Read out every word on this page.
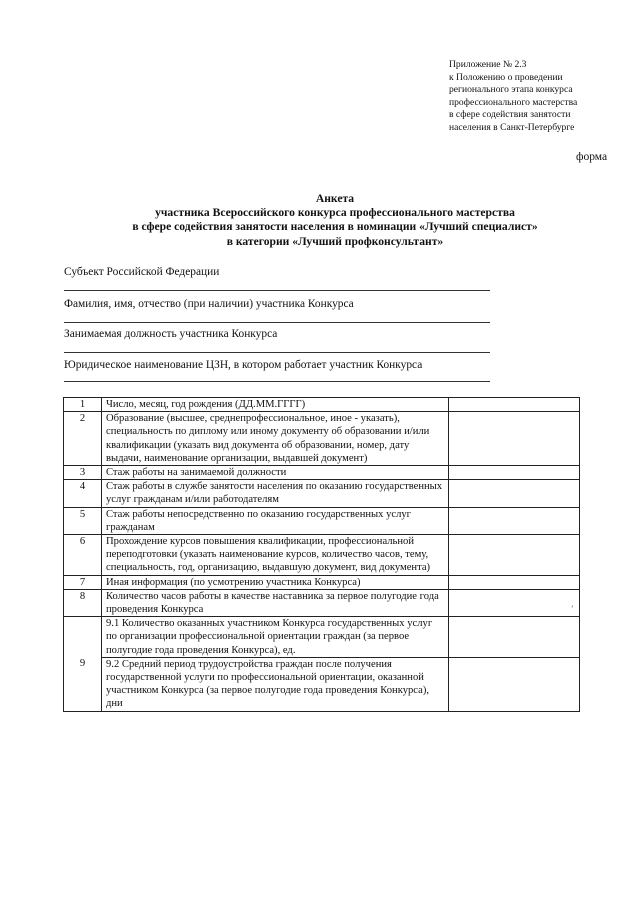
Приложение № 2.3
к Положению о проведении
регионального этапа конкурса
профессионального мастерства
в сфере содействия занятости
населения в Санкт-Петербурге
форма
Анкета
участника Всероссийского конкурса профессионального мастерства
в сфере содействия занятости населения в номинации «Лучший специалист»
в категории «Лучший профконсультант»
Субъект Российской Федерации
Фамилия, имя, отчество (при наличии) участника Конкурса
Занимаемая должность участника Конкурса
Юридическое наименование ЦЗН, в котором работает участник Конкурса
1	Число, месяц, год рождения (ДД.ММ.ГГГГ)	
2	Образование (высшее, среднепрофессиональное, иное - указать), специальность по диплому или иному документу об образовании и/или квалификации (указать вид документа об образовании, номер, дату выдачи, наименование организации, выдавшей документ)	
3	Стаж работы на занимаемой должности	
4	Стаж работы в службе занятости населения по оказанию государственных услуг гражданам и/или работодателям	
5	Стаж работы непосредственно по оказанию государственных услуг гражданам	
6	Прохождение курсов повышения квалификации, профессиональной переподготовки (указать наименование курсов, количество часов, тему, специальность, год, организацию, выдавшую документ, вид документа)	
7	Иная информация (по усмотрению участника Конкурса)	
8	Количество часов работы в качестве наставника за первое полугодие года проведения Конкурса	
9	9.1 Количество оказанных участником Конкурса государственных услуг по организации профессиональной ориентации граждан (за первое полугодие года проведения Конкурса), ед.	
	9.2 Средний период трудоустройства граждан после получения государственной услуги по профессиональной ориентации, оказанной участником Конкурса (за первое полугодие года проведения Конкурса), дни	
ʼ
